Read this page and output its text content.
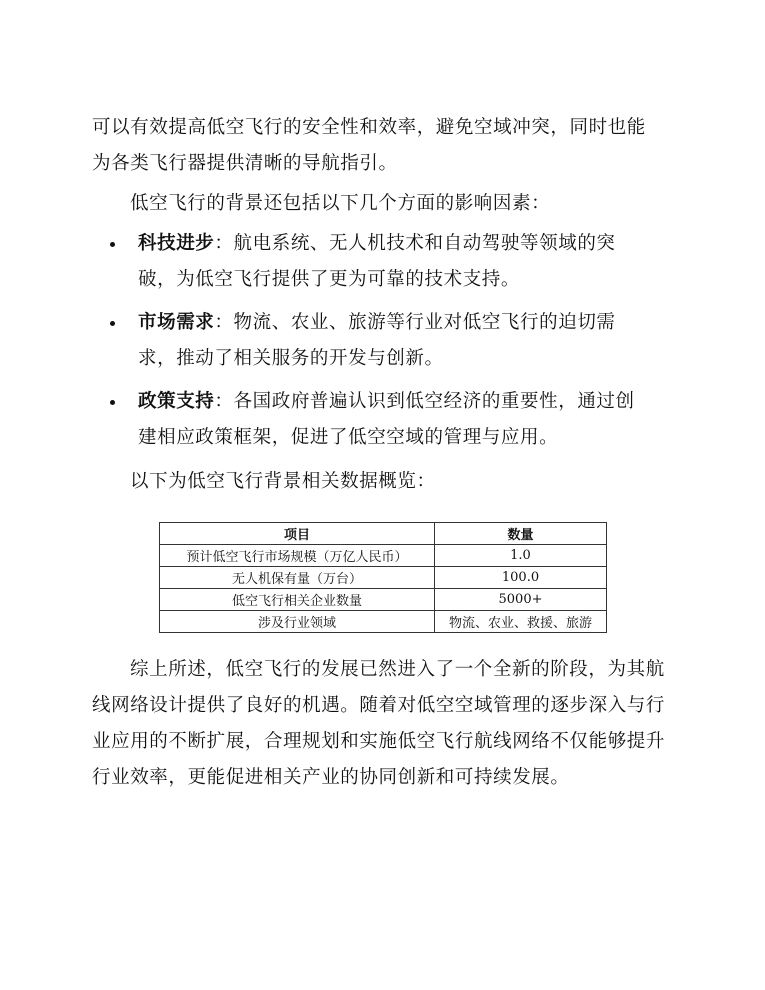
可以有效提高低空飞行的安全性和效率，避免空域冲突，同时也能
为各类飞行器提供清晰的导航指引。

低空飞行的背景还包括以下几个方面的影响因素：

科技进步：航电系统、无人机技术和自动驾驶等领域的突破，为低空飞行提供了更为可靠的技术支持。
市场需求：物流、农业、旅游等行业对低空飞行的迫切需求，推动了相关服务的开发与创新。
政策支持：各国政府普遍认识到低空经济的重要性，通过创建相应政策框架，促进了低空空域的管理与应用。

以下为低空飞行背景相关数据概览：

项目	数量
预计低空飞行市场规模（万亿人民币）	1.0
无人机保有量（万台）	100.0
低空飞行相关企业数量	5000+
涉及行业领域	物流、农业、救援、旅游

综上所述，低空飞行的发展已然进入了一个全新的阶段，为其航线网络设计提供了良好的机遇。随着对低空空域管理的逐步深入与行业应用的不断扩展，合理规划和实施低空飞行航线网络不仅能够提升行业效率，更能促进相关产业的协同创新和可持续发展。
